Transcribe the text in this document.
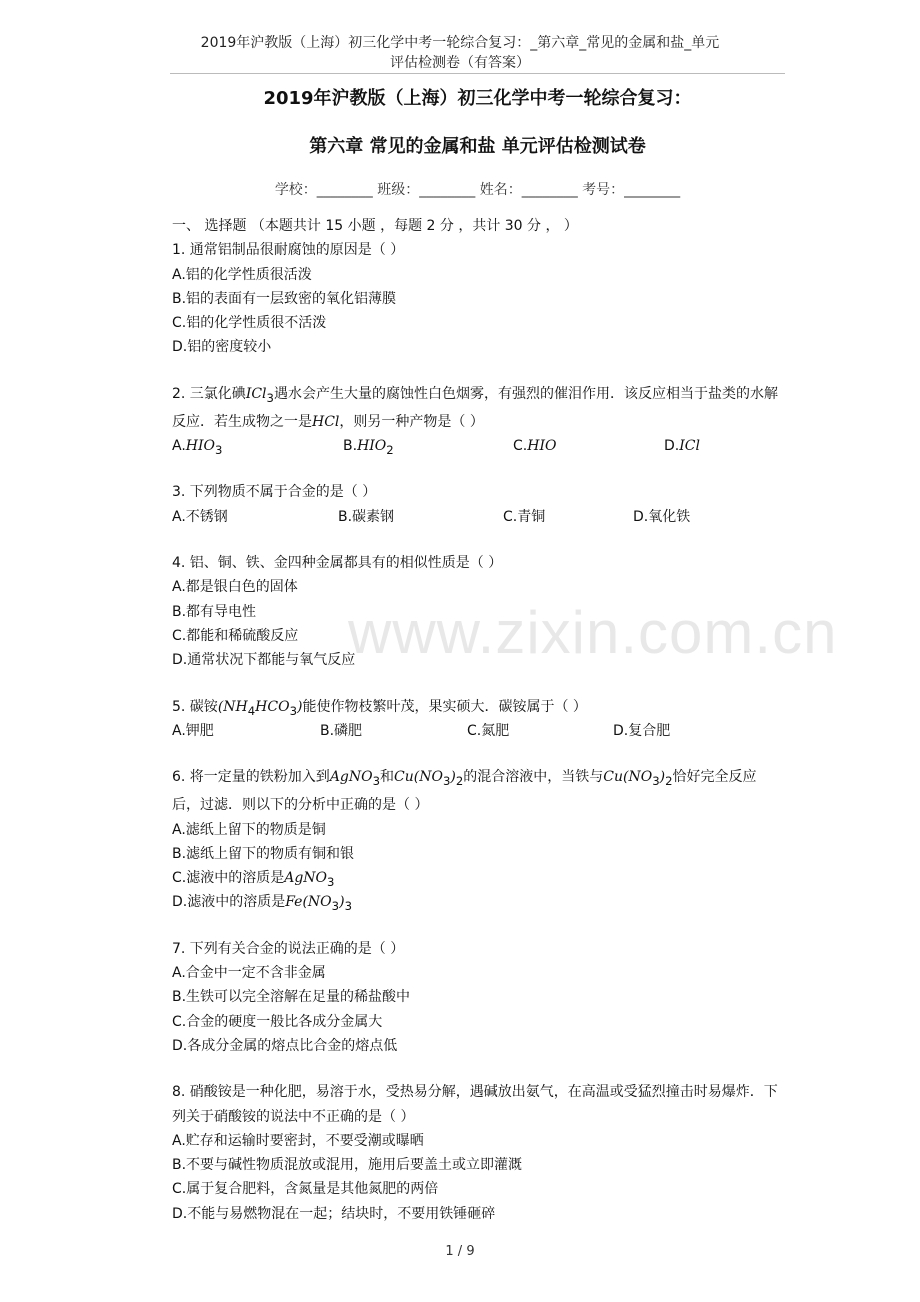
2019年沪教版（上海）初三化学中考一轮综合复习：_第六章_常见的金属和盐_单元
评估检测卷（有答案）
2019年沪教版（上海）初三化学中考一轮综合复习：
第六章 常见的金属和盐 单元评估检测试卷
学校：________ 班级：________ 姓名：________ 考号：________
www.zixin.com.cn
一、 选择题 （本题共计 15 小题 ，每题 2 分 ，共计 30 分 ， ）
1. 通常铝制品很耐腐蚀的原因是（ ）
A.铝的化学性质很活泼
B.铝的表面有一层致密的氧化铝薄膜
C.铝的化学性质很不活泼
D.铝的密度较小
2. 三氯化碘ICl$_3$遇水会产生大量的腐蚀性白色烟雾，有强烈的催泪作用．该反应相当于盐类的水解反应．若生成物之一是HCl，则另一种产物是（ ）
$A.HIO_3$	$B.HIO_2$	C.HIO	D.ICl
3. 下列物质不属于合金的是（ ）
A.不锈钢	B.碳素钢	C.青铜	D.氧化铁
4. 铝、铜、铁、金四种金属都具有的相似性质是（ ）
A.都是银白色的固体
B.都有导电性
C.都能和稀硫酸反应
D.通常状况下都能与氧气反应
5. 碳铵$(NH_4HCO_3)$能使作物枝繁叶茂，果实硕大．碳铵属于（ ）
A.钾肥	B.磷肥	C.氮肥	D.复合肥
6. 将一定量的铁粉加入到AgNO$_3$和$Cu(NO_3)_2$的混合溶液中，当铁与$Cu(NO_3)_2$恰好完全反应后，过滤．则以下的分析中正确的是（ ）
A.滤纸上留下的物质是铜
B.滤纸上留下的物质有铜和银
C.滤液中的溶质是AgNO$_3$
D.滤液中的溶质是$Fe(NO_3)_3$
7. 下列有关合金的说法正确的是（ ）
A.合金中一定不含非金属
B.生铁可以完全溶解在足量的稀盐酸中
C.合金的硬度一般比各成分金属大
D.各成分金属的熔点比合金的熔点低
8. 硝酸铵是一种化肥，易溶于水，受热易分解，遇碱放出氨气，在高温或受猛烈撞击时易爆炸．下列关于硝酸铵的说法中不正确的是（ ）
A.贮存和运输时要密封，不要受潮或曝晒
B.不要与碱性物质混放或混用，施用后要盖土或立即灌溉
C.属于复合肥料，含氮量是其他氮肥的两倍
D.不能与易燃物混在一起；结块时，不要用铁锤砸碎
1 / 9
